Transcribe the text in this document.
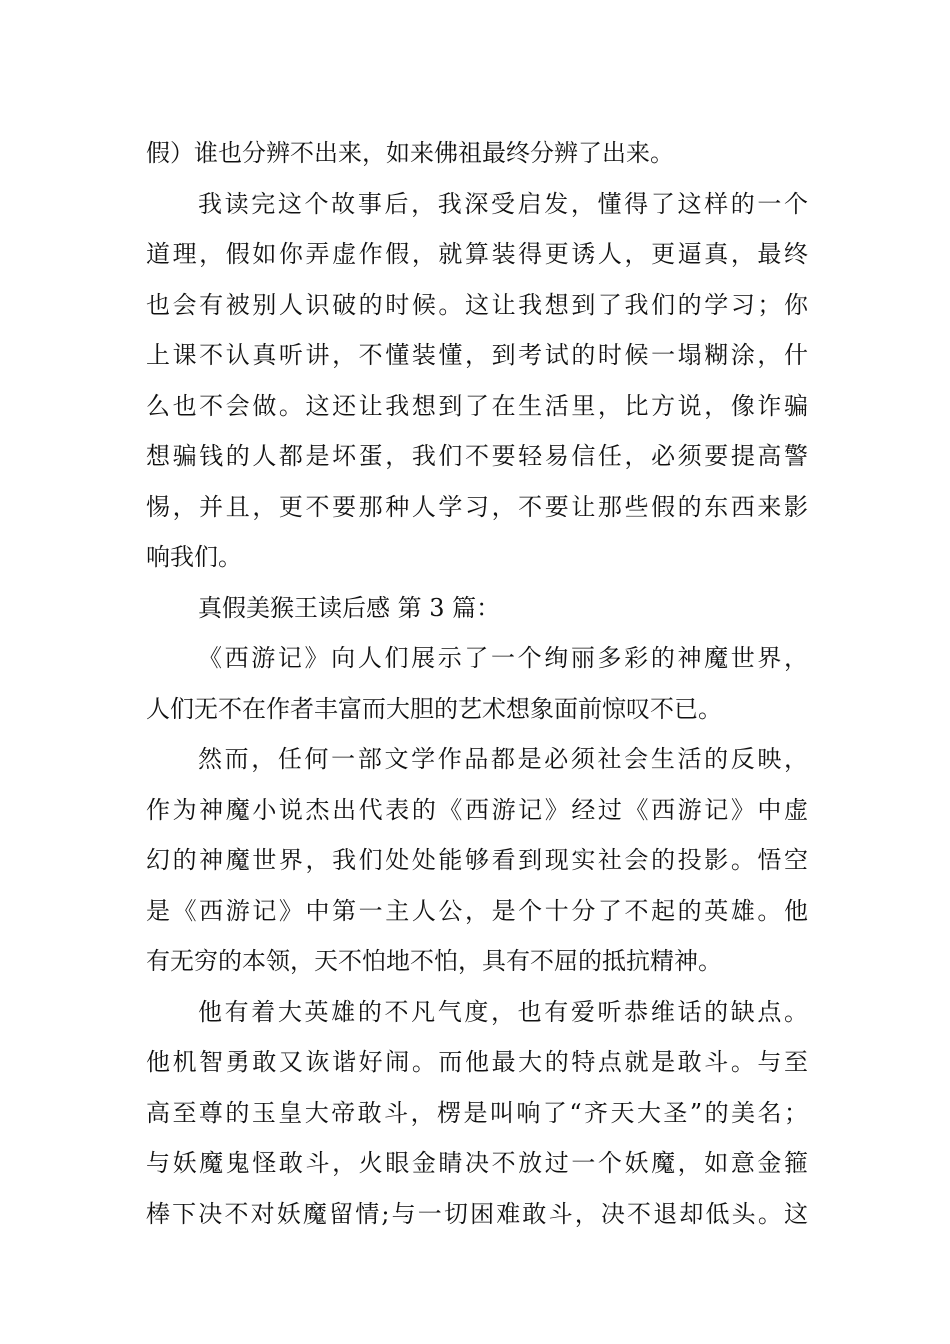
假）谁也分辨不出来，如来佛祖最终分辨了出来。
我读完这个故事后，我深受启发，懂得了这样的一个
道理，假如你弄虚作假，就算装得更诱人，更逼真，最终
也会有被别人识破的时候。这让我想到了我们的学习；你
上课不认真听讲，不懂装懂，到考试的时候一塌糊涂，什
么也不会做。这还让我想到了在生活里，比方说，像诈骗
想骗钱的人都是坏蛋，我们不要轻易信任，必须要提高警
惕，并且，更不要那种人学习，不要让那些假的东西来影
响我们。
真假美猴王读后感 第 3 篇：
《西游记》向人们展示了一个绚丽多彩的神魔世界，
人们无不在作者丰富而大胆的艺术想象面前惊叹不已。
然而，任何一部文学作品都是必须社会生活的反映，
作为神魔小说杰出代表的《西游记》经过《西游记》中虚
幻的神魔世界，我们处处能够看到现实社会的投影。悟空
是《西游记》中第一主人公，是个十分了不起的英雄。他
有无穷的本领，天不怕地不怕，具有不屈的抵抗精神。
他有着大英雄的不凡气度，也有爱听恭维话的缺点。
他机智勇敢又诙谐好闹。而他最大的特点就是敢斗。与至
高至尊的玉皇大帝敢斗，楞是叫响了“齐天大圣”的美名；
与妖魔鬼怪敢斗，火眼金睛决不放过一个妖魔，如意金箍
棒下决不对妖魔留情;与一切困难敢斗，决不退却低头。这
